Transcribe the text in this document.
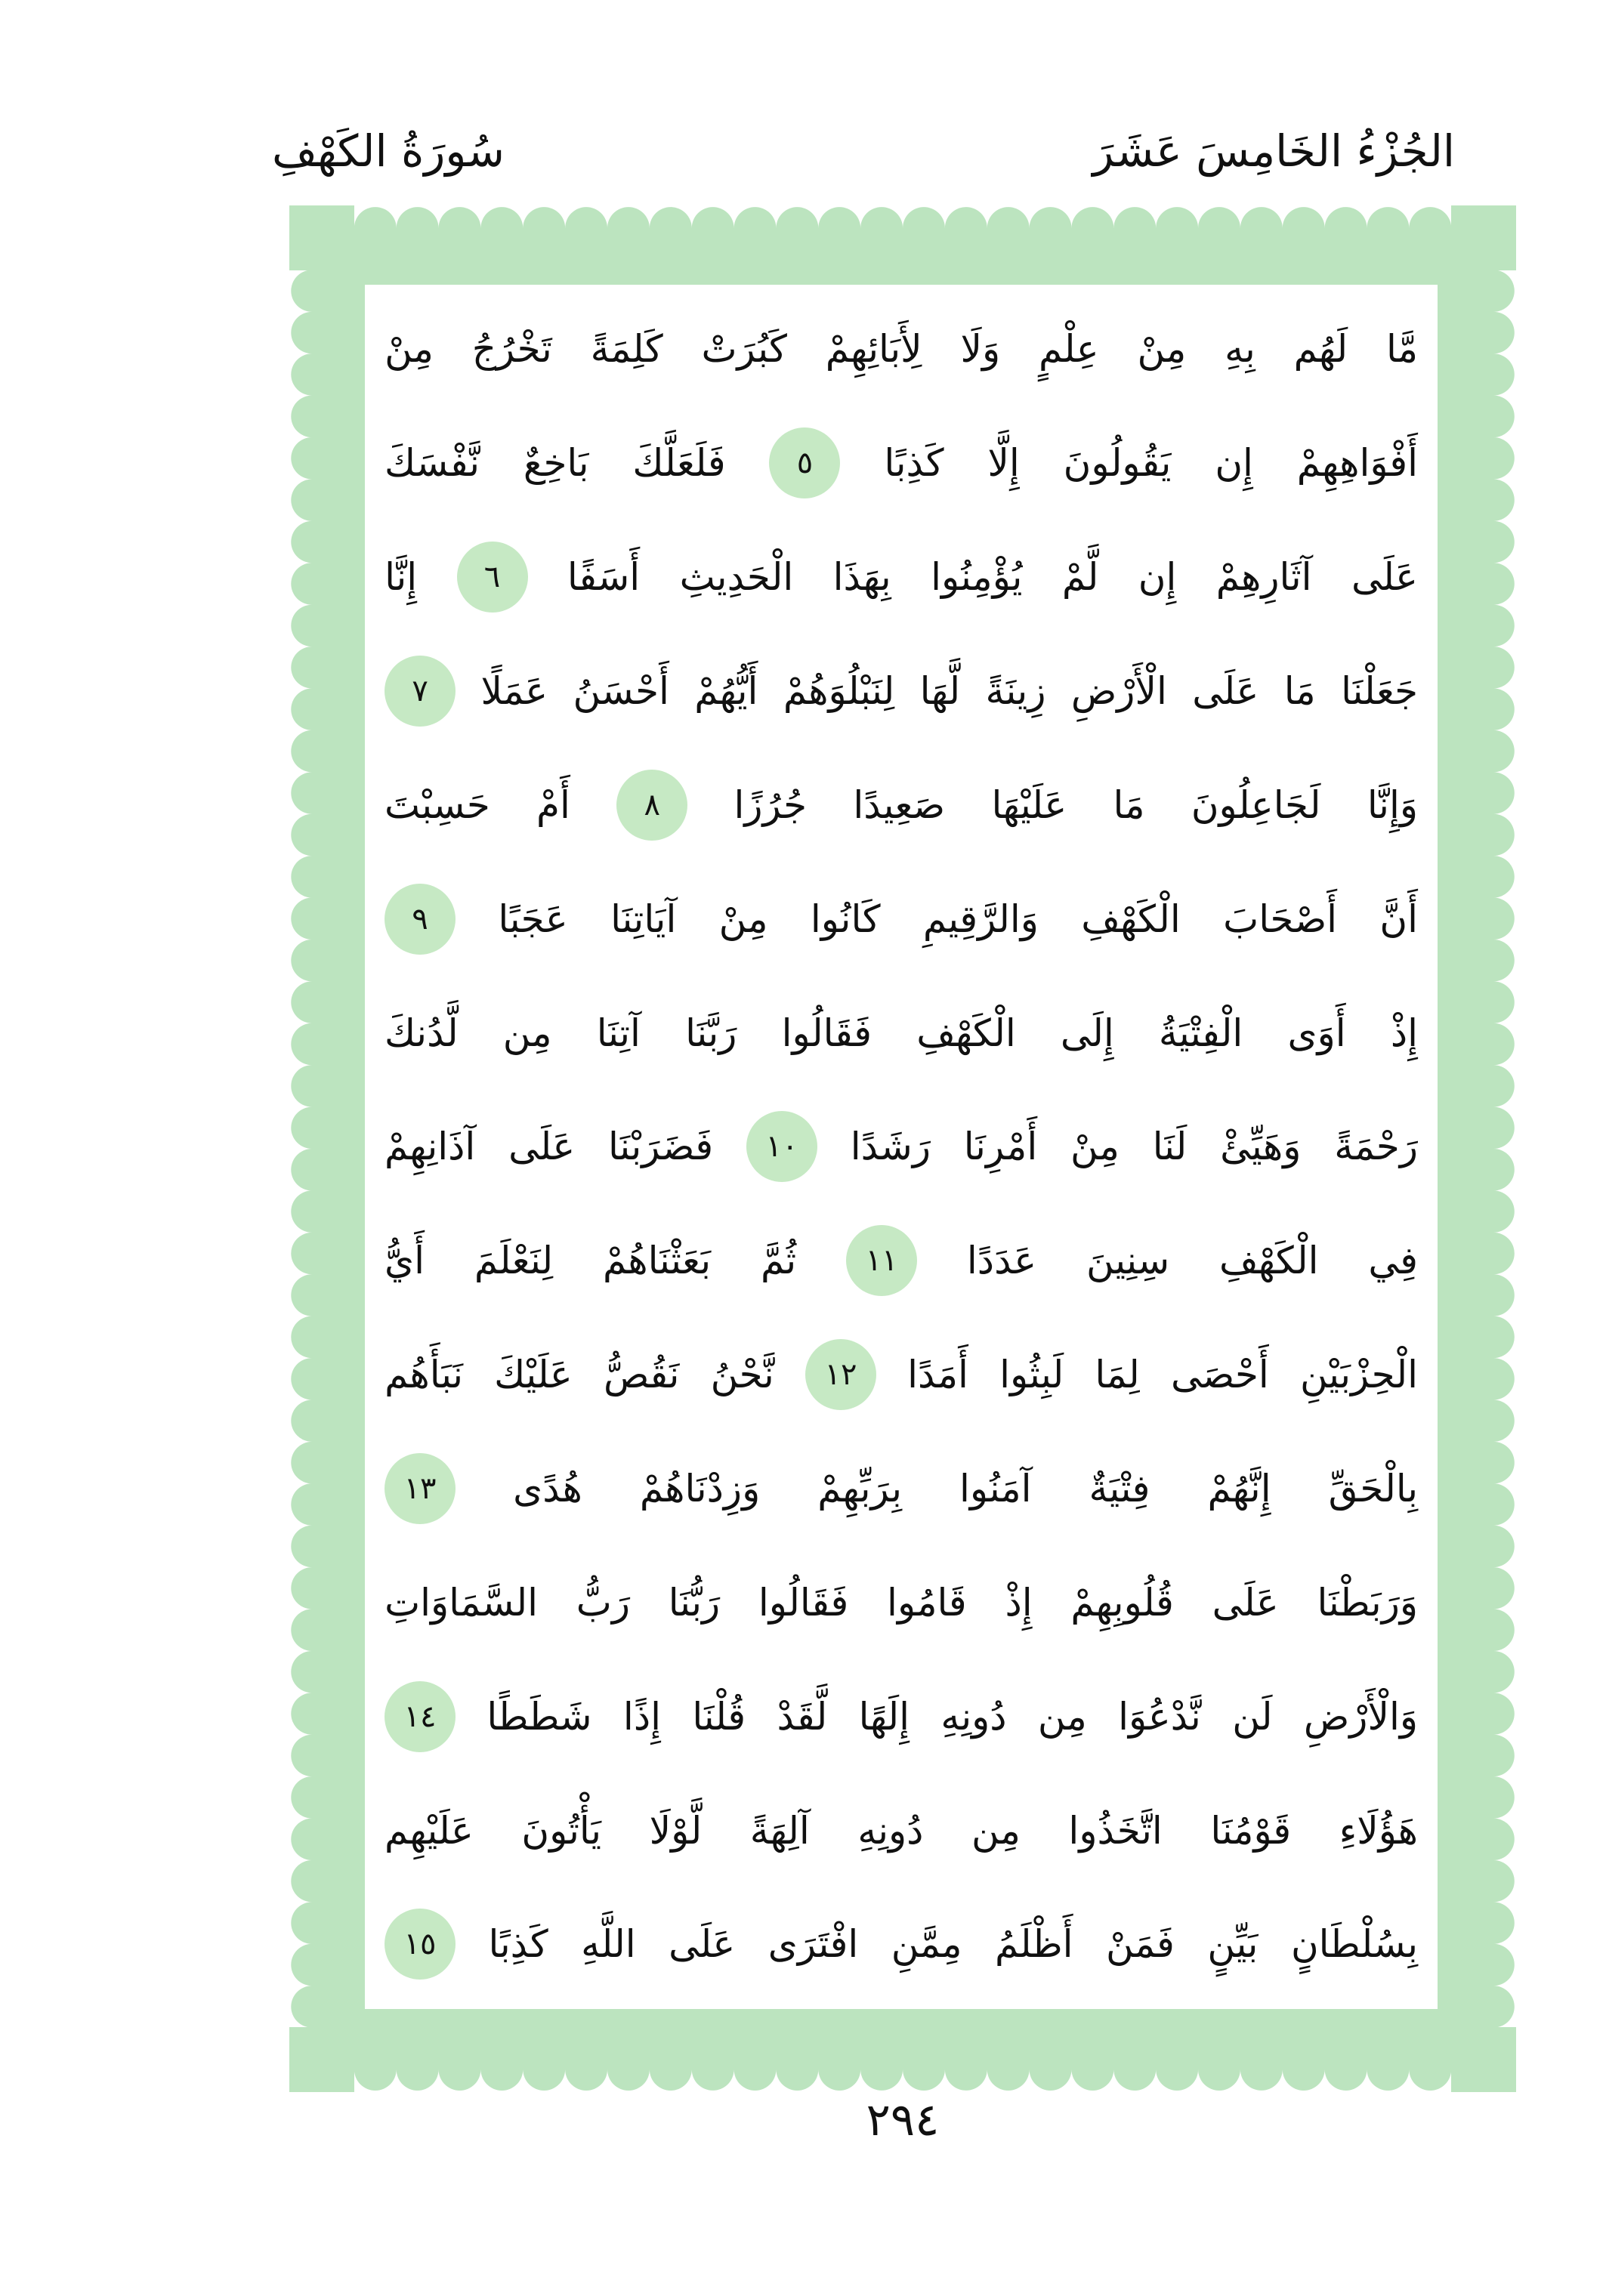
سُورَةُ الكَهْفِ	الجُزْءُ الخَامِسَ عَشَرَ
مَّا
لَهُم
بِهِ
مِنْ
عِلْمٍ
وَلَا
لِأَبَائِهِمْ
كَبُرَتْ
كَلِمَةً
تَخْرُجُ
مِنْ
أَفْوَاهِهِمْ
إِن
يَقُولُونَ
إِلَّا
كَذِبًا
٥
فَلَعَلَّكَ
بَاخِعٌ
نَّفْسَكَ
عَلَى
آثَارِهِمْ
إِن
لَّمْ
يُؤْمِنُوا
بِهَذَا
الْحَدِيثِ
أَسَفًا
٦
إِنَّا
جَعَلْنَا
مَا
عَلَى
الْأَرْضِ
زِينَةً
لَّهَا
لِنَبْلُوَهُمْ
أَيُّهُمْ
أَحْسَنُ
عَمَلًا
٧
وَإِنَّا
لَجَاعِلُونَ
مَا
عَلَيْهَا
صَعِيدًا
جُرُزًا
٨
أَمْ
حَسِبْتَ
أَنَّ
أَصْحَابَ
الْكَهْفِ
وَالرَّقِيمِ
كَانُوا
مِنْ
آيَاتِنَا
عَجَبًا
٩
إِذْ
أَوَى
الْفِتْيَةُ
إِلَى
الْكَهْفِ
فَقَالُوا
رَبَّنَا
آتِنَا
مِن
لَّدُنكَ
رَحْمَةً
وَهَيِّئْ
لَنَا
مِنْ
أَمْرِنَا
رَشَدًا
١٠
فَضَرَبْنَا
عَلَى
آذَانِهِمْ
فِي
الْكَهْفِ
سِنِينَ
عَدَدًا
١١
ثُمَّ
بَعَثْنَاهُمْ
لِنَعْلَمَ
أَيُّ
الْحِزْبَيْنِ
أَحْصَى
لِمَا
لَبِثُوا
أَمَدًا
١٢
نَّحْنُ
نَقُصُّ
عَلَيْكَ
نَبَأَهُم
بِالْحَقِّ
إِنَّهُمْ
فِتْيَةٌ
آمَنُوا
بِرَبِّهِمْ
وَزِدْنَاهُمْ
هُدًى
١٣
وَرَبَطْنَا
عَلَى
قُلُوبِهِمْ
إِذْ
قَامُوا
فَقَالُوا
رَبُّنَا
رَبُّ
السَّمَاوَاتِ
وَالْأَرْضِ
لَن
نَّدْعُوَا
مِن
دُونِهِ
إِلَهًا
لَّقَدْ
قُلْنَا
إِذًا
شَطَطًا
١٤
هَؤُلَاءِ
قَوْمُنَا
اتَّخَذُوا
مِن
دُونِهِ
آلِهَةً
لَّوْلَا
يَأْتُونَ
عَلَيْهِم
بِسُلْطَانٍ
بَيِّنٍ
فَمَنْ
أَظْلَمُ
مِمَّنِ
افْتَرَى
عَلَى
اللَّهِ
كَذِبًا
١٥
٢٩٤
